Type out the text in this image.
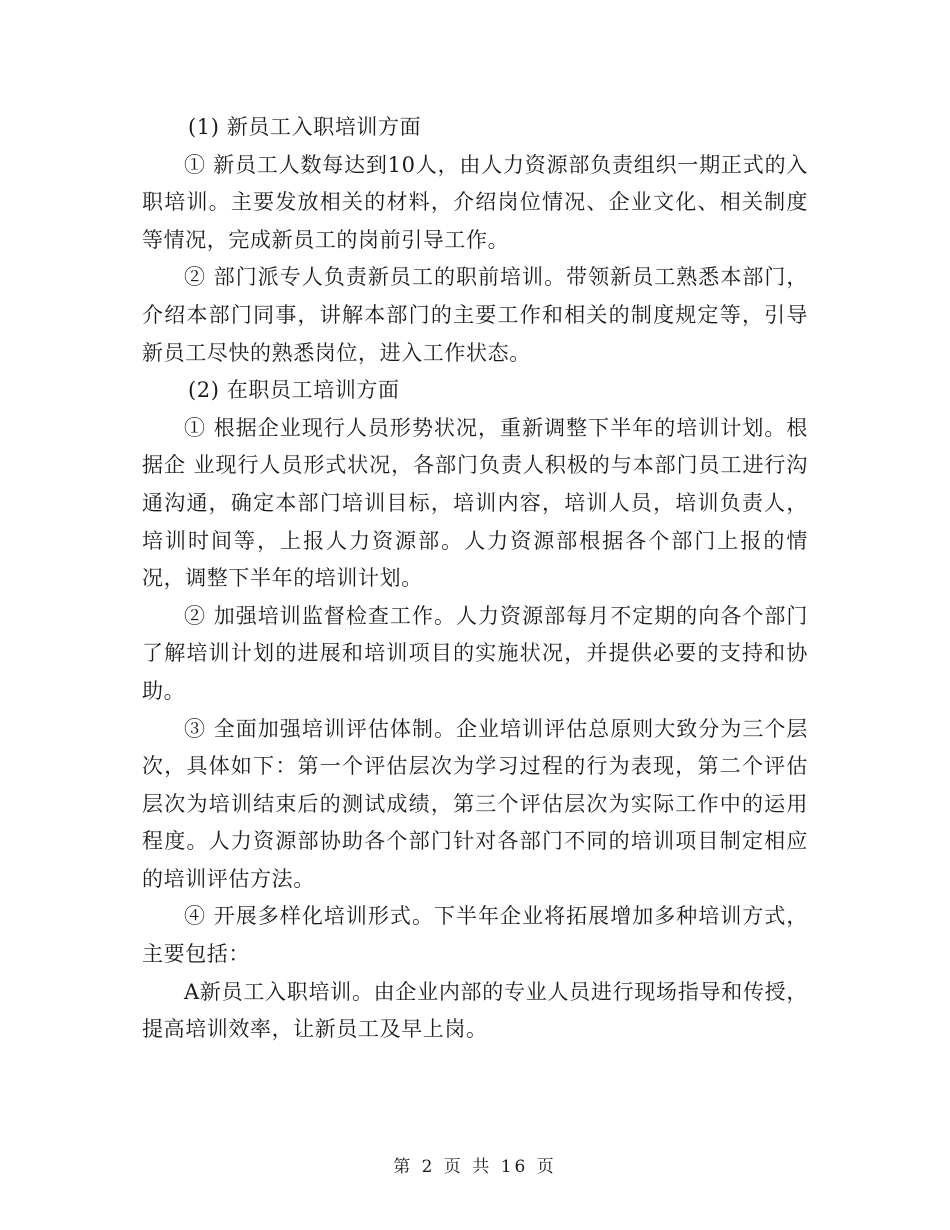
(1) 新员工入职培训方面

① 新员工人数每达到10人，由人力资源部负责组织一期正式的入职培训。主要发放相关的材料，介绍岗位情况、企业文化、相关制度等情况，完成新员工的岗前引导工作。

② 部门派专人负责新员工的职前培训。带领新员工熟悉本部门，介绍本部门同事，讲解本部门的主要工作和相关的制度规定等，引导新员工尽快的熟悉岗位，进入工作状态。

(2) 在职员工培训方面

① 根据企业现行人员形势状况，重新调整下半年的培训计划。根据企 业现行人员形式状况，各部门负责人积极的与本部门员工进行沟通沟通，确定本部门培训目标，培训内容，培训人员，培训负责人，培训时间等，上报人力资源部。人力资源部根据各个部门上报的情况，调整下半年的培训计划。

② 加强培训监督检查工作。人力资源部每月不定期的向各个部门了解培训计划的进展和培训项目的实施状况，并提供必要的支持和协助。

③ 全面加强培训评估体制。企业培训评估总原则大致分为三个层次，具体如下：第一个评估层次为学习过程的行为表现，第二个评估层次为培训结束后的测试成绩，第三个评估层次为实际工作中的运用程度。人力资源部协助各个部门针对各部门不同的培训项目制定相应的培训评估方法。

④ 开展多样化培训形式。下半年企业将拓展增加多种培训方式，主要包括：

A新员工入职培训。由企业内部的专业人员进行现场指导和传授，提高培训效率，让新员工及早上岗。

第 2 页 共 16 页
